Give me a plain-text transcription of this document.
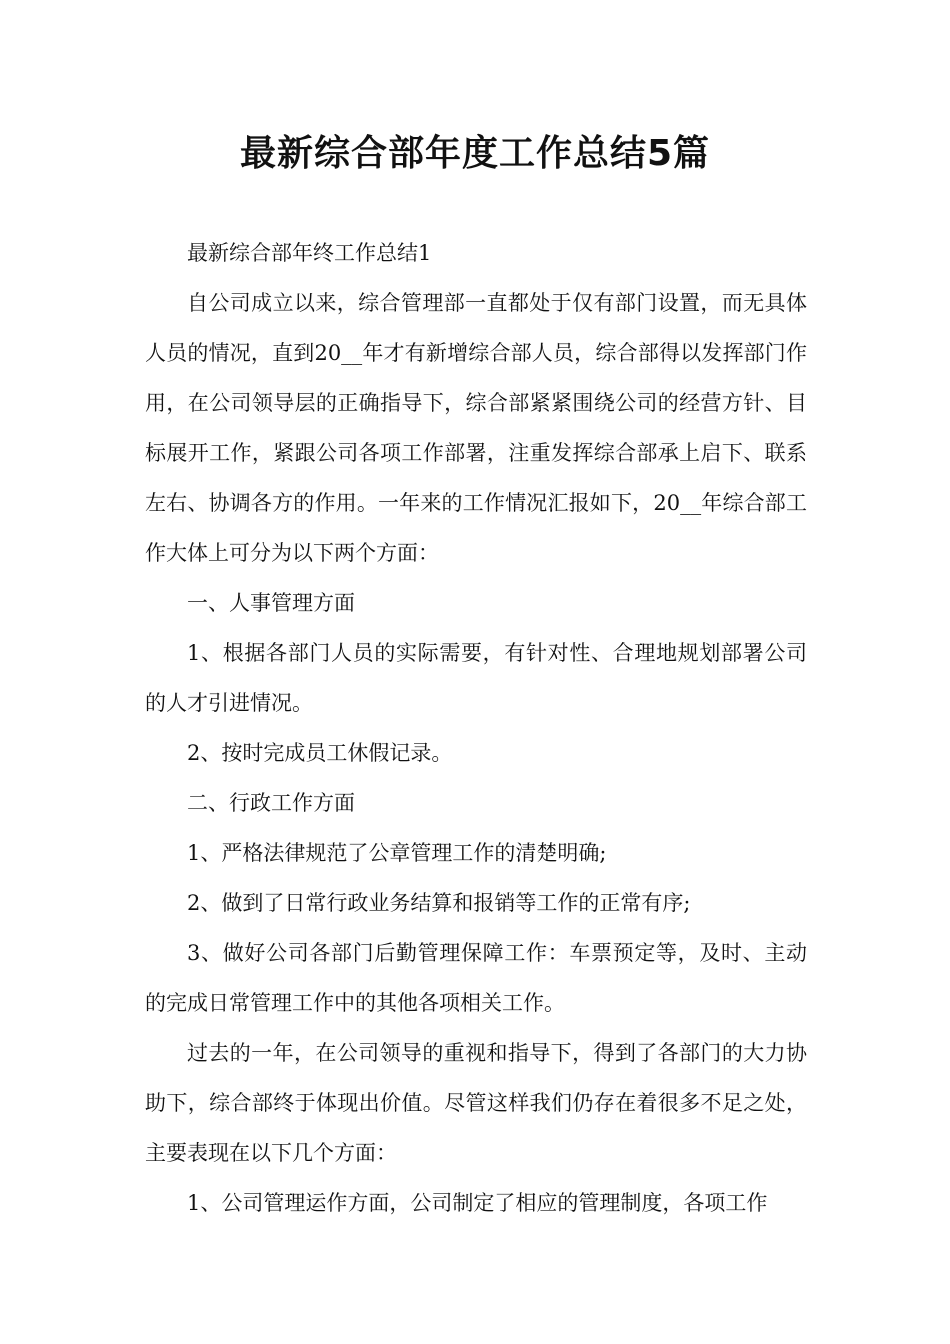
最新综合部年度工作总结5篇

最新综合部年终工作总结1

自公司成立以来，综合管理部一直都处于仅有部门设置，而无具体人员的情况，直到20__年才有新增综合部人员，综合部得以发挥部门作用，在公司领导层的正确指导下，综合部紧紧围绕公司的经营方针、目标展开工作，紧跟公司各项工作部署，注重发挥综合部承上启下、联系左右、协调各方的作用。一年来的工作情况汇报如下，20__年综合部工作大体上可分为以下两个方面：

一、人事管理方面

1、根据各部门人员的实际需要，有针对性、合理地规划部署公司的人才引进情况。

2、按时完成员工休假记录。

二、行政工作方面

1、严格法律规范了公章管理工作的清楚明确;

2、做到了日常行政业务结算和报销等工作的正常有序;

3、做好公司各部门后勤管理保障工作：车票预定等，及时、主动的完成日常管理工作中的其他各项相关工作。

过去的一年，在公司领导的重视和指导下，得到了各部门的大力协助下，综合部终于体现出价值。尽管这样我们仍存在着很多不足之处，主要表现在以下几个方面：

1、公司管理运作方面，公司制定了相应的管理制度，各项工作
